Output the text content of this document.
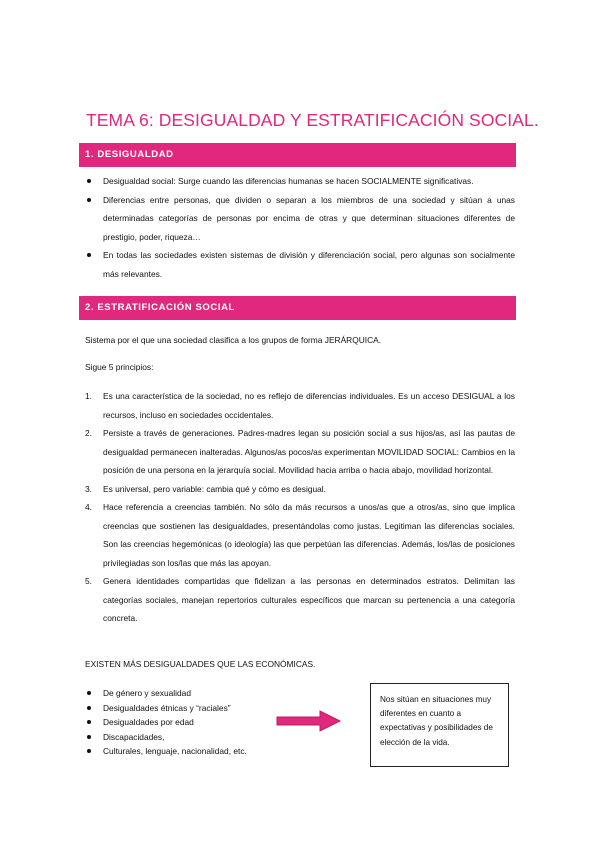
TEMA 6: DESIGUALDAD Y ESTRATIFICACIÓN SOCIAL.
1. DESIGUALDAD
Desigualdad social: Surge cuando las diferencias humanas se hacen SOCIALMENTE significativas.
Diferencias entre personas, que dividen o separan a los miembros de una sociedad y sitúan a unas determinadas categorías de personas por encima de otras y que determinan situaciones diferentes de prestigio, poder, riqueza…
En todas las sociedades existen sistemas de división y diferenciación social, pero algunas son socialmente más relevantes.
2. ESTRATIFICACIÓN SOCIAL
Sistema por el que una sociedad clasifica a los grupos de forma JERÁRQUICA.
Sigue 5 principios:
1. Es una característica de la sociedad, no es reflejo de diferencias individuales. Es un acceso DESIGUAL a los recursos, incluso en sociedades occidentales.
2. Persiste a través de generaciones. Padres-madres legan su posición social a sus hijos/as, así las pautas de desigualdad permanecen inalteradas. Algunos/as pocos/as experimentan MOVILIDAD SOCIAL: Cambios en la posición de una persona en la jerarquía social. Movilidad hacia arriba o hacia abajo, movilidad horizontal.
3. Es universal, pero variable: cambia qué y cómo es desigual.
4. Hace referencia a creencias también. No sólo da más recursos a unos/as que a otros/as, sino que implica creencias que sostienen las desigualdades, presentándolas como justas. Legitiman las diferencias sociales. Son las creencias hegemónicas (o ideología) las que perpetúan las diferencias. Además, los/las de posiciones privilegiadas son los/las que más las apoyan.
5. Genera identidades compartidas que fidelizan a las personas en determinados estratos. Delimitan las categorías sociales, manejan repertorios culturales específicos que marcan su pertenencia a una categoría concreta.
EXISTEN MÁS DESIGUALDADES QUE LAS ECONÓMICAS.
De género y sexualidad
Desigualdades étnicas y “raciales”
Desigualdades por edad
Discapacidades,
Culturales, lenguaje, nacionalidad, etc.
Nos sitúan en situaciones muy diferentes en cuanto a expectativas y posibilidades de elección de la vida.
